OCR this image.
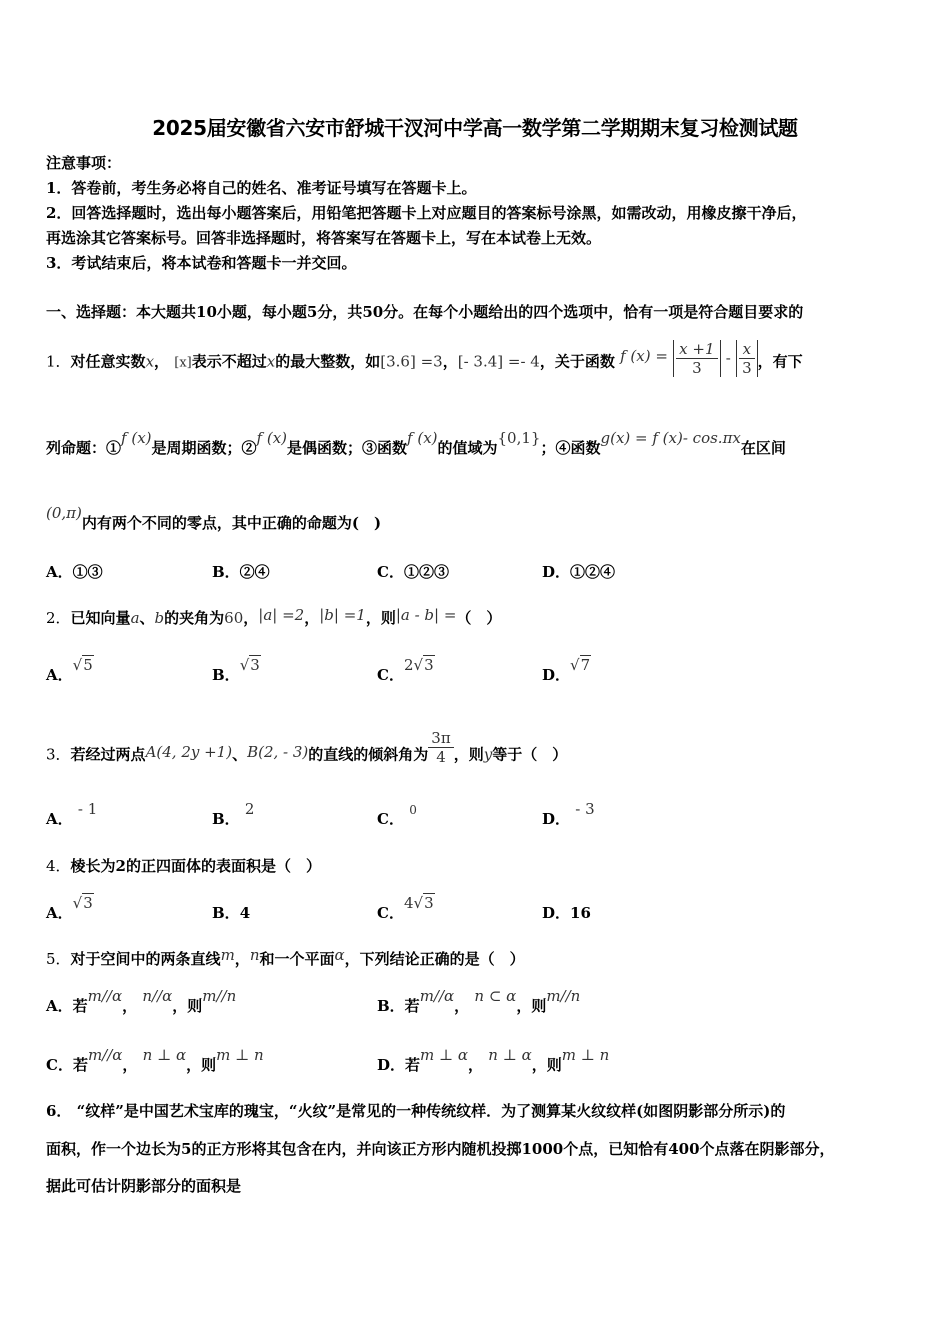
2025届安徽省六安市舒城干汊河中学高一数学第二学期期末复习检测试题
注意事项：
1．答卷前，考生务必将自己的姓名、准考证号填写在答题卡上。
2．回答选择题时，选出每小题答案后，用铅笔把答题卡上对应题目的答案标号涂黑，如需改动，用橡皮擦干净后，
再选涂其它答案标号。回答非选择题时，将答案写在答题卡上，写在本试卷上无效。
3．考试结束后，将本试卷和答题卡一并交回。
一、选择题：本大题共10小题，每小题5分，共50分。在每个小题给出的四个选项中，恰有一项是符合题目要求的
1．对任意实数x， [x]表示不超过x的最大整数，如[3.6] =3，[- 3.4] =- 4，关于函数 f $(x) = \frac{x +1}{3} - \frac{x}{3}$ ，有下
列命题：①f (x)是周期函数；②f (x)是偶函数；③函数f (x)的值域为{0,1}；④函数g(x) = f (x)- cos.πx在区间
(0,π)内有两个不同的零点，其中正确的命题为(　)
A．①③	B．②④	C．①②③	D．①②④
2．已知向量a、b的夹角为60，|a| =2，|b| =1，则|a - b| =（　）
A．√5
B．√3
C．2√3
D．√7
3．若经过两点A(4, 2y +1)、B(2, - 3)的直线的倾斜角为 $\frac{3\pi}{4}$ ，则y等于（　）
A． - 1
B． 2
C． $^0$	D． - 3
4．棱长为2的正四面体的表面积是（　）
A．√3
B．4	C．4√3
D．16
5．对于空间中的两条直线m，n和一个平面α，下列结论正确的是（　）
A．若m//α， n//α，则m//n
B．若m//α， n ⊂ α，则m//n
C．若m//α， n ⊥ α，则m ⊥ n
D．若m ⊥ α， n ⊥ α，则m ⊥ n
6． “纹样”是中国艺术宝库的瑰宝，“火纹”是常见的一种传统纹样．为了测算某火纹纹样(如图阴影部分所示)的
面积，作一个边长为5的正方形将其包含在内，并向该正方形内随机投掷1000个点，已知恰有400个点落在阴影部分，
据此可估计阴影部分的面积是
